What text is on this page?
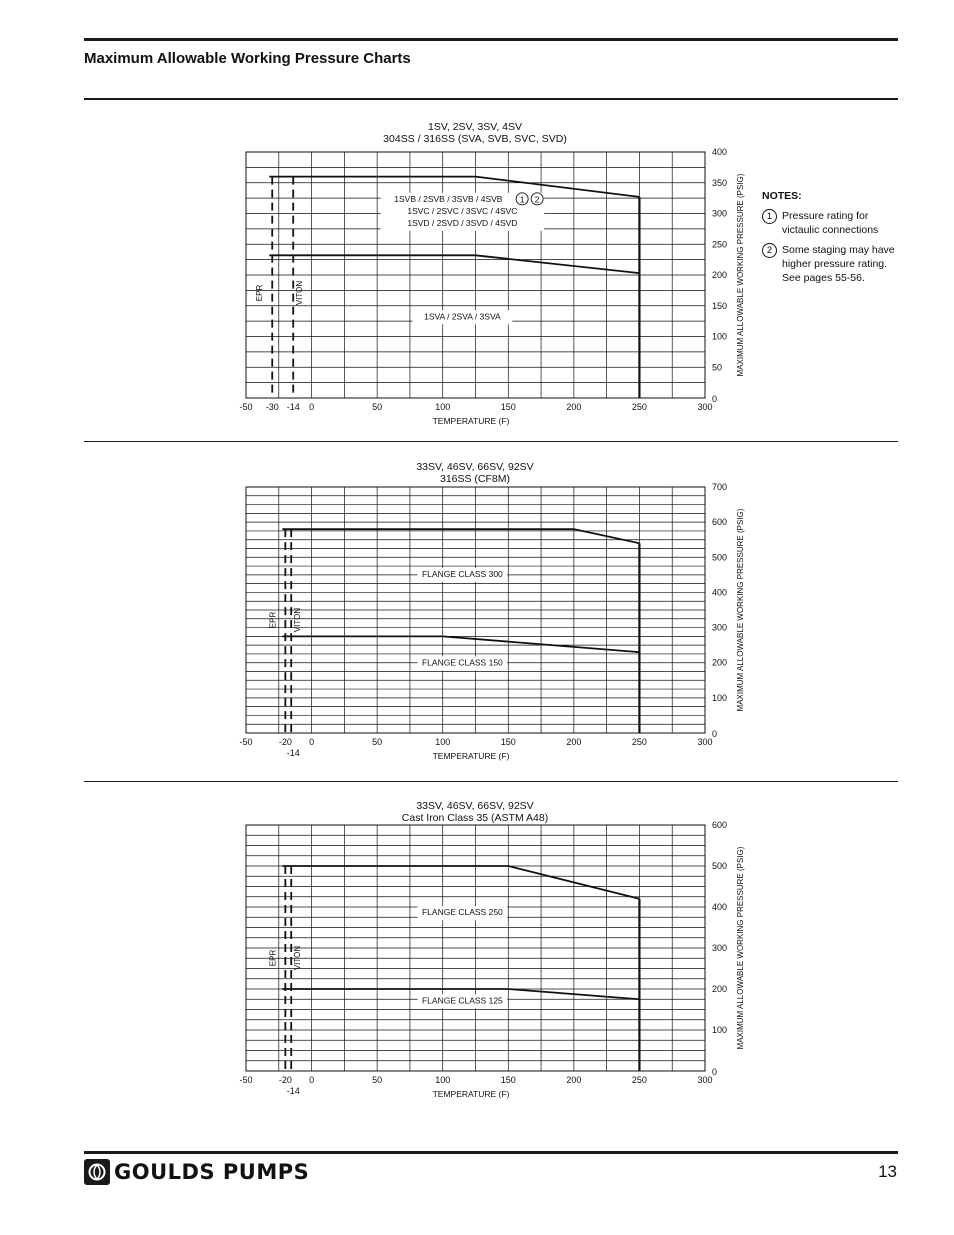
Maximum Allowable Working Pressure Charts
1SV, 2SV, 3SV, 4SV
304SS / 316SS (SVA, SVB, SVC, SVD)
-50 -30 -14 0	50	100	150	200	250	300
0
50
100
150
200
250
300
350
400
TEMPERATURE (F)
MAXIMUM ALLOWABLE WORKING PRESSURE (PSIG)
EPR	VITON
1SVB / 2SVB / 3SVB / 4SVB
1SVC / 2SVC / 3SVC / 4SVC
1SVD / 2SVD / 3SVD / 4SVD
1 2
1SVA / 2SVA / 3SVA
33SV, 46SV, 66SV, 92SV
316SS (CF8M)
-50	-20
-14
0	50	100	150	200	250	300
0
100
200
300
400
500
600
700
TEMPERATURE (F)
MAXIMUM ALLOWABLE WORKING PRESSURE (PSIG)
EPR VITON
FLANGE CLASS 300
FLANGE CLASS 150
33SV, 46SV, 66SV, 92SV
Cast Iron Class 35 (ASTM A48)
-50	-20
-14
0	50	100	150	200	250	300
0
100
200
300
400
500
600
TEMPERATURE (F)
MAXIMUM ALLOWABLE WORKING PRESSURE (PSIG)
EPR VITON
FLANGE CLASS 250
FLANGE CLASS 125
NOTES:
1 Pressure rating for victaulic connections
2 Some staging may have higher pressure rating. See pages 55-56.
GOULDS PUMPS	13
